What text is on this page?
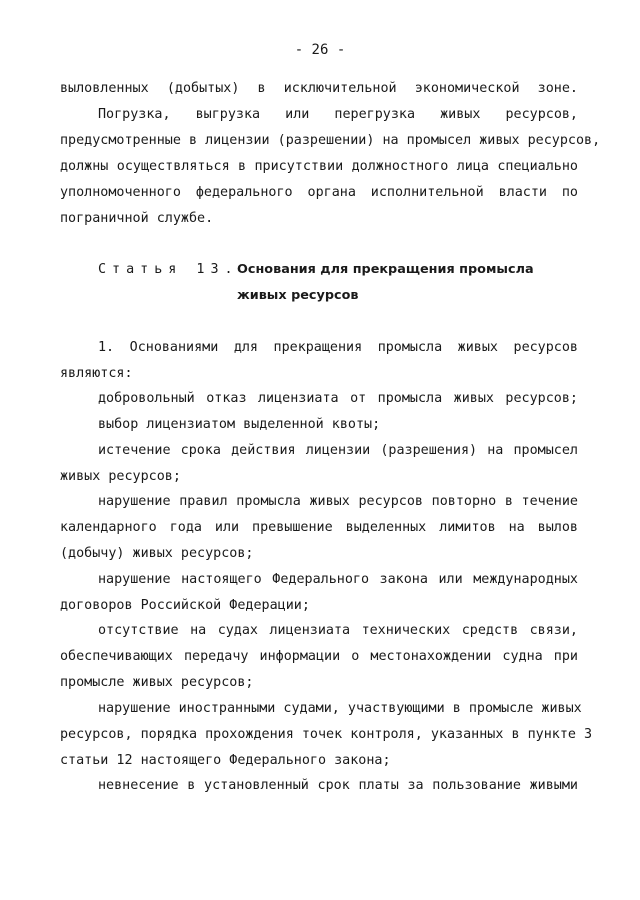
- 26 -
выловленных (добытых) в исключительной экономической зоне.
Погрузка, выгрузка или перегрузка живых ресурсов,
предусмотренные в лицензии (разрешении) на промысел живых ресурсов,
должны осуществляться в присутствии должностного лица специально
уполномоченного федерального органа исполнительной власти по
пограничной службе.
Статья 13.
Основания для прекращения промысла
живых ресурсов
1. Основаниями для прекращения промысла живых ресурсов
являются:
добровольный отказ лицензиата от промысла живых ресурсов;
выбор лицензиатом выделенной квоты;
истечение срока действия лицензии (разрешения) на промысел
живых ресурсов;
нарушение правил промысла живых ресурсов повторно в течение
календарного года или превышение выделенных лимитов на вылов
(добычу) живых ресурсов;
нарушение настоящего Федерального закона или международных
договоров Российской Федерации;
отсутствие на судах лицензиата технических средств связи,
обеспечивающих передачу информации о местонахождении судна при
промысле живых ресурсов;
нарушение иностранными судами, участвующими в промысле живых
ресурсов, порядка прохождения точек контроля, указанных в пункте 3
статьи 12 настоящего Федерального закона;
невнесение в установленный срок платы за пользование живыми
